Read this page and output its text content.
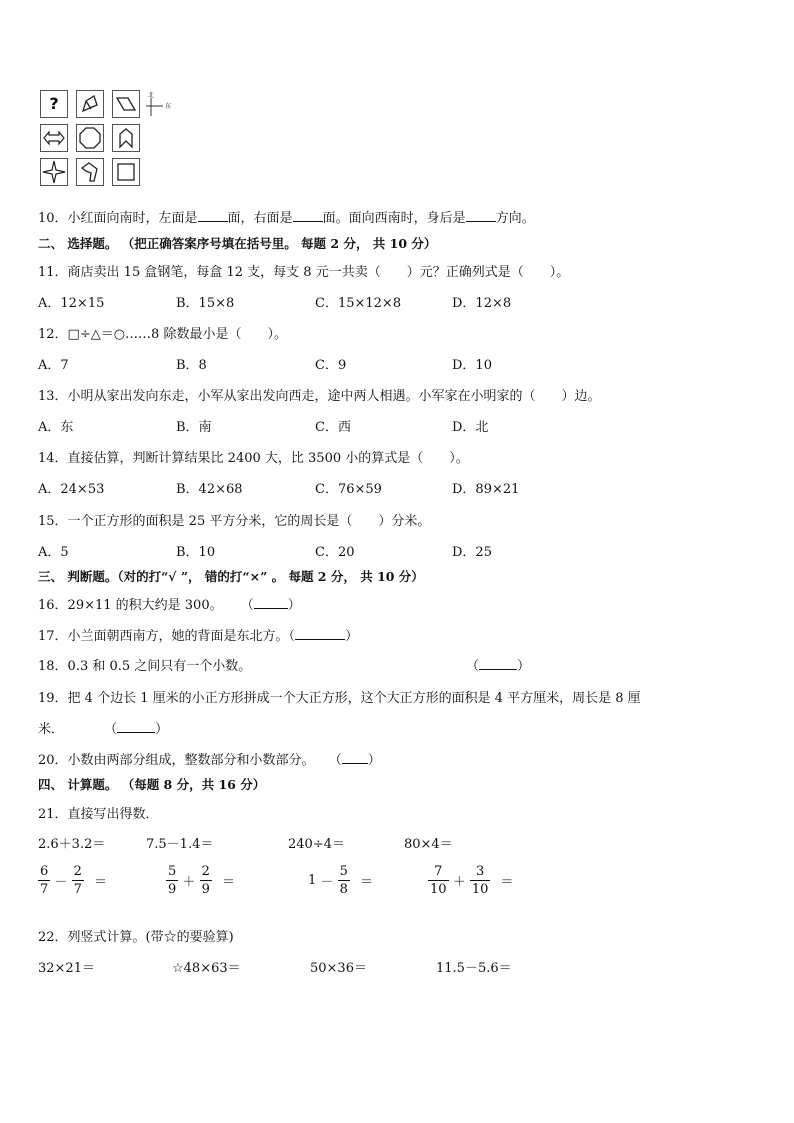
?	北
东
10．小红面向南时，左面是 面，右面是 面。面向西南时，身后是 方向。
二、 选择题。 （把正确答案序号填在括号里。 每题 2 分， 共 10 分）
11．商店卖出 15 盒钢笔，每盒 12 支，每支 8 元一共卖（　　）元？正确列式是（　　）。
A．12×15	B．15×8	C．15×12×8	D．12×8
12．□÷△＝○……8 除数最小是（　　）。
A．7	B．8	C．9	D．10
13．小明从家出发向东走，小军从家出发向西走，途中两人相遇。小军家在小明家的（　　）边。
A．东	B．南	C．西	D．北
14．直接估算，判断计算结果比 2400 大，比 3500 小的算式是（　　）。
A．24×53	B．42×68	C．76×59	D．89×21
15．一个正方形的面积是 25 平方分米，它的周长是（　　）分米。
A．5	B．10	C．20	D．25
三、 判断题。（对的打“√ ”， 错的打“×” 。 每题 2 分， 共 10 分）
16．29×11 的积大约是 300。 （	）
17．小兰面朝西南方，她的背面是东北方。（	）
18．0.3 和 0.5 之间只有一个小数。	（	）
19．把 4 个边长 1 厘米的小正方形拼成一个大正方形，这个大正方形的面积是 4 平方厘米，周长是 8 厘
米．	（	）
20．小数由两部分组成，整数部分和小数部分。 （ ）
四、 计算题。 （每题 8 分，共 16 分）
21．直接写出得数．
2.6＋3.2＝	7.5－1.4＝	240÷4＝	80×4＝
$\frac{6}{7} - \frac{2}{7}$ ＝	$\frac{5}{9} + \frac{2}{9}$ ＝	$1 - \frac{5}{8}$ ＝	$\frac{7}{10} + \frac{3}{10}$ ＝
22．列竖式计算。(带☆的要验算)
32×21＝	☆48×63＝	50×36＝	11.5－5.6＝
